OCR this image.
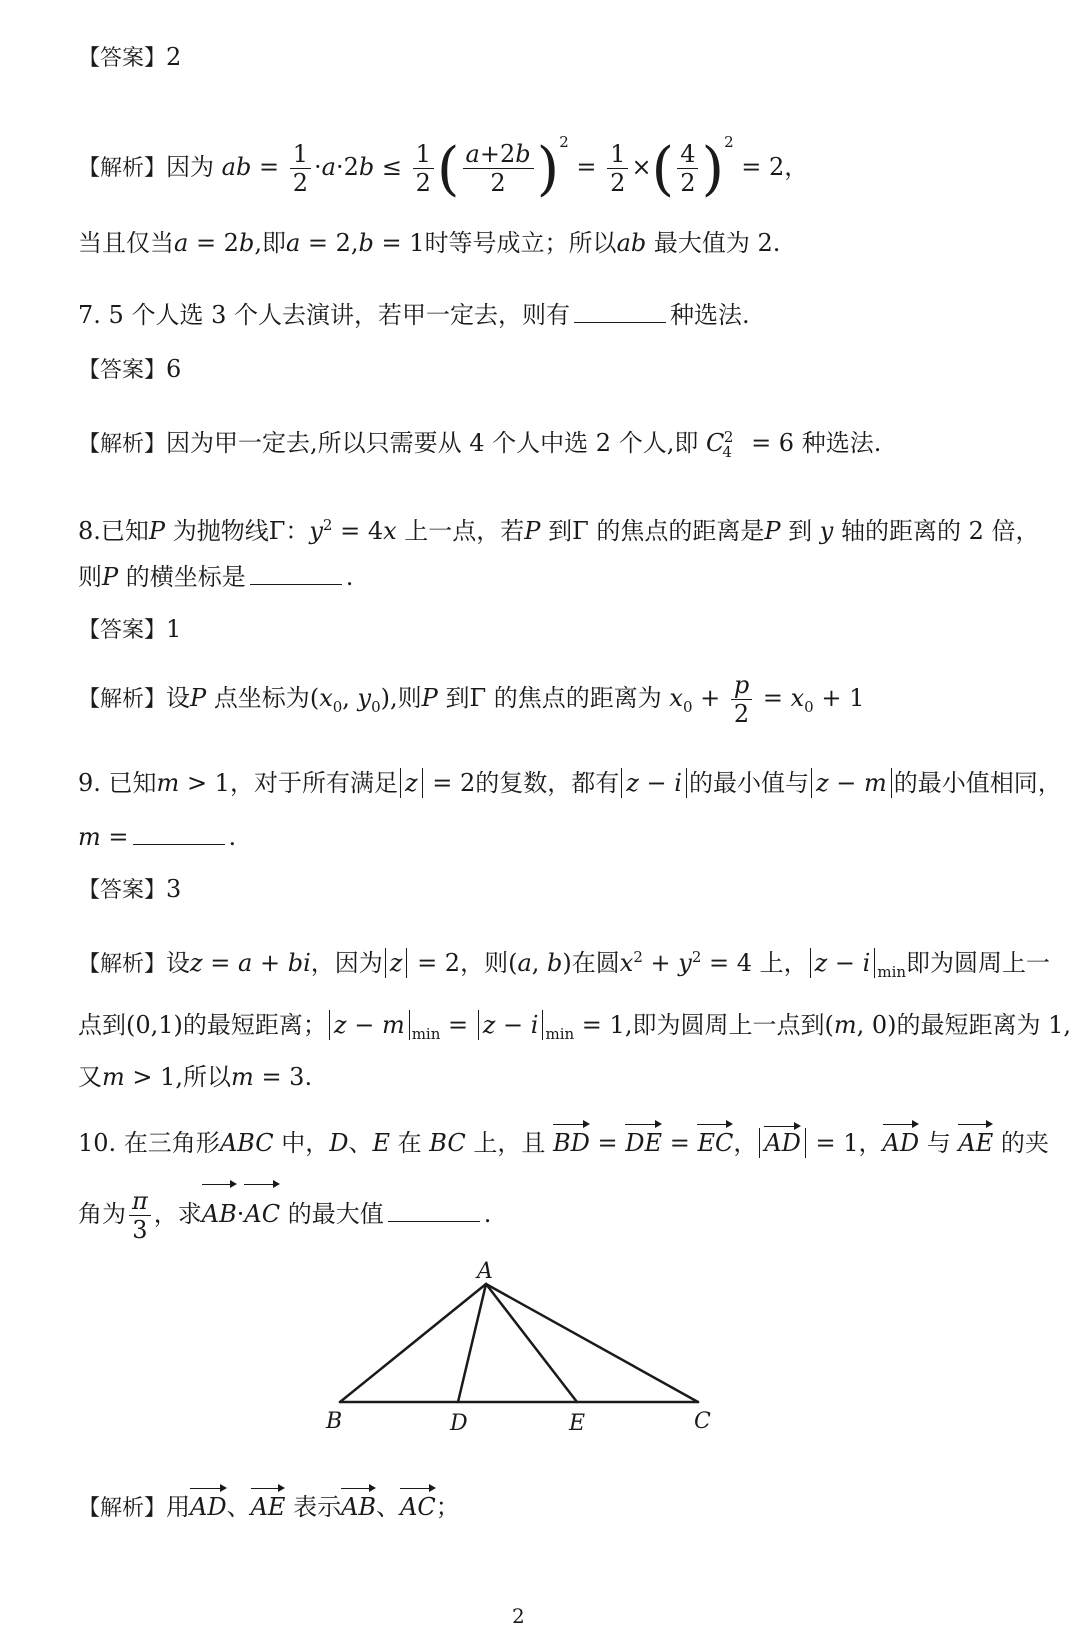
【答案】2
【解析】因为 ab = $\frac{1}{2} \cdot a\cdot 2b \le \frac{1}{2}$ ( $\frac{a+2b}{2} )^2 = \frac{1}{2}$ ×( $\frac{4}{2} )^2 = 2$，
当且仅当a = 2b,即a = 2,b = 1时等号成立；所以ab 最大值为 2.
7. 5 个人选 3 个人去演讲，若甲一定去，则有	种选法.
【答案】6
【解析】因为甲一定去,所以只需要从 4 个人中选 2 个人,即 $C_4^2 = 6$ 种选法.
8.已知P 为抛物线Γ：$y^2 = 4x$ 上一点，若P 到Γ 的焦点的距离是P 到 y 轴的距离的 2 倍，
则P 的横坐标是	.
【答案】1
【解析】设P 点坐标为($x_0$, $y_0$),则P 到Γ 的焦点的距离为 $x_0 + \frac{p}{2} = x_0 + 1$
9. 已知m > 1，对于所有满足 z = 2的复数，都有 z − i 的最小值与 z − m 的最小值相同，
m =	.
【答案】3
【解析】设z = a + bi，因为 z = 2，则(a, b)在圆$x^2 + y^2 = 4$ 上， z − i $_{min}$即为圆周上一
点到(0,1)的最短距离； z − m $_{min}$ = z − i $_{min}$ = 1,即为圆周上一点到(m, 0)的最短距离为 1,
又m > 1,所以m = 3.
10. 在三角形ABC 中，D、E 在 BC 上，且 BD = DE = EC， AD = 1，AD 与 AE 的夹
角为 $\frac{\pi}{3}$ ，求AB·AC 的最大值	.
A
B	D	E	C
【解析】用AD、AE 表示AB、AC；
2
